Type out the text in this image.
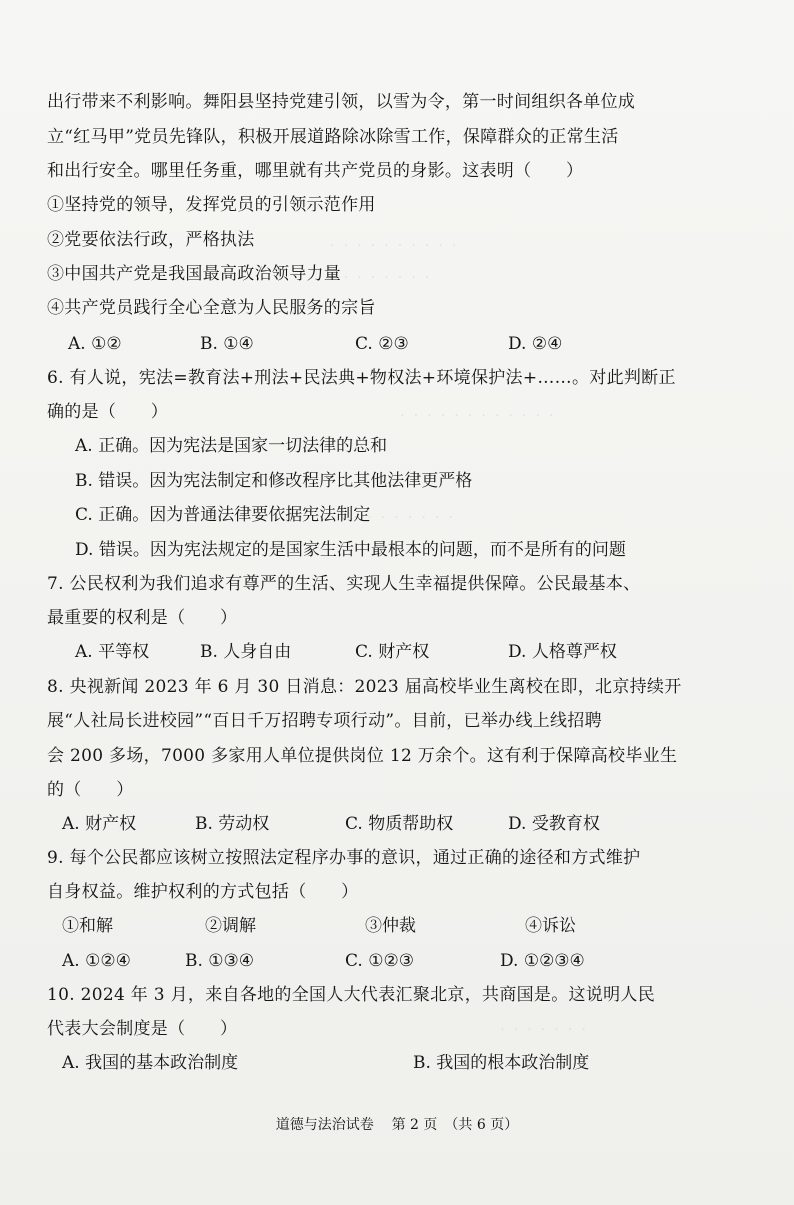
· · · · · · · · · ·
· · · · · · · ·
· · · · · · · · · · · ·
· · · · · · · · ·
· · · · · · ·
出行带来不利影响。舞阳县坚持党建引领，以雪为令，第一时间组织各单位成
立“红马甲”党员先锋队，积极开展道路除冰除雪工作，保障群众的正常生活
和出行安全。哪里任务重，哪里就有共产党员的身影。这表明（　　）
①坚持党的领导，发挥党员的引领示范作用
②党要依法行政，严格执法
③中国共产党是我国最高政治领导力量
④共产党员践行全心全意为人民服务的宗旨
A. ①②	B. ①④	C. ②③	D. ②④
6. 有人说，宪法=教育法+刑法+民法典+物权法+环境保护法+……。对此判断正
确的是（　　）
A. 正确。因为宪法是国家一切法律的总和
B. 错误。因为宪法制定和修改程序比其他法律更严格
C. 正确。因为普通法律要依据宪法制定
D. 错误。因为宪法规定的是国家生活中最根本的问题，而不是所有的问题
7. 公民权利为我们追求有尊严的生活、实现人生幸福提供保障。公民最基本、
最重要的权利是（　　）
A. 平等权	B. 人身自由	C. 财产权	D. 人格尊严权
8. 央视新闻 2023 年 6 月 30 日消息：2023 届高校毕业生离校在即，北京持续开
展“人社局长进校园”“百日千万招聘专项行动”。目前，已举办线上线招聘
会 200 多场，7000 多家用人单位提供岗位 12 万余个。这有利于保障高校毕业生
的（　　）
A. 财产权	B. 劳动权	C. 物质帮助权	D. 受教育权
9. 每个公民都应该树立按照法定程序办事的意识，通过正确的途径和方式维护
自身权益。维护权利的方式包括（　　）
①和解	②调解	③仲裁	④诉讼
A. ①②④	B. ①③④	C. ①②③	D. ①②③④
10. 2024 年 3 月，来自各地的全国人大代表汇聚北京，共商国是。这说明人民
代表大会制度是（　　）
A. 我国的基本政治制度	B. 我国的根本政治制度
道德与法治试卷 第 2 页　（共 6 页）
